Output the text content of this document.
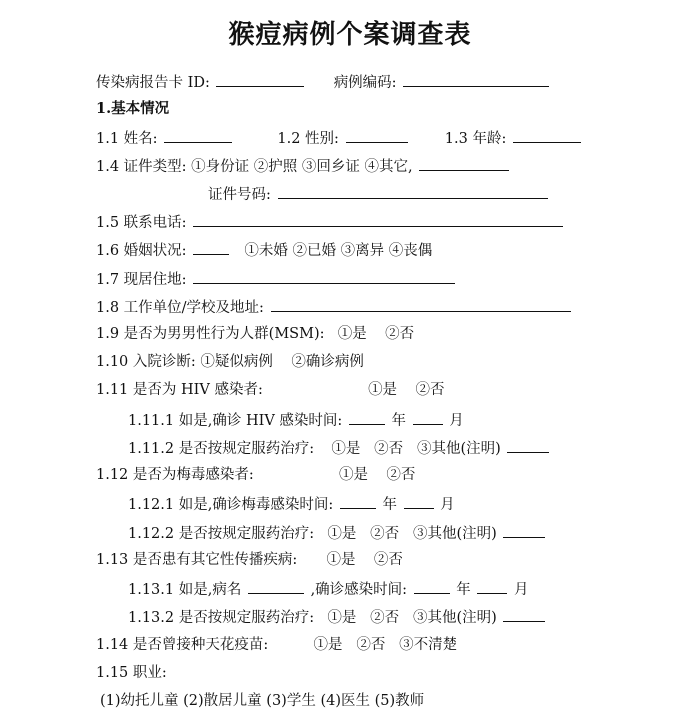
猴痘病例个案调查表
传染病报告卡 ID:	病例编码:
1.基本情况
1.1 姓名:	1.2 性别:	1.3 年龄:
1.4 证件类型: ①身份证 ②护照 ③回乡证 ④其它,
证件号码:
1.5 联系电话:
1.6 婚姻状况:	①未婚 ②已婚 ③离异 ④丧偶
1.7 现居住地:
1.8 工作单位/学校及地址:
1.9 是否为男男性行为人群(MSM): ①是    ②否
1.10 入院诊断: ①疑似病例    ②确诊病例
1.11 是否为 HIV 感染者:	①是    ②否
1.11.1 如是,确诊 HIV 感染时间:	年	月
1.11.2 是否按规定服药治疗: ①是   ②否   ③其他(注明)
1.12 是否为梅毒感染者:	①是    ②否
1.12.1 如是,确诊梅毒感染时间:	年	月
1.12.2 是否按规定服药治疗: ①是   ②否   ③其他(注明)
1.13 是否患有其它性传播疾病: ①是    ②否
1.13.1 如是,病名	,确诊感染时间:	年	月
1.13.2 是否按规定服药治疗: ①是   ②否   ③其他(注明)
1.14 是否曾接种天花疫苗:	①是   ②否   ③不清楚
1.15 职业:
(1)幼托儿童 (2)散居儿童 (3)学生 (4)医生 (5)教师
